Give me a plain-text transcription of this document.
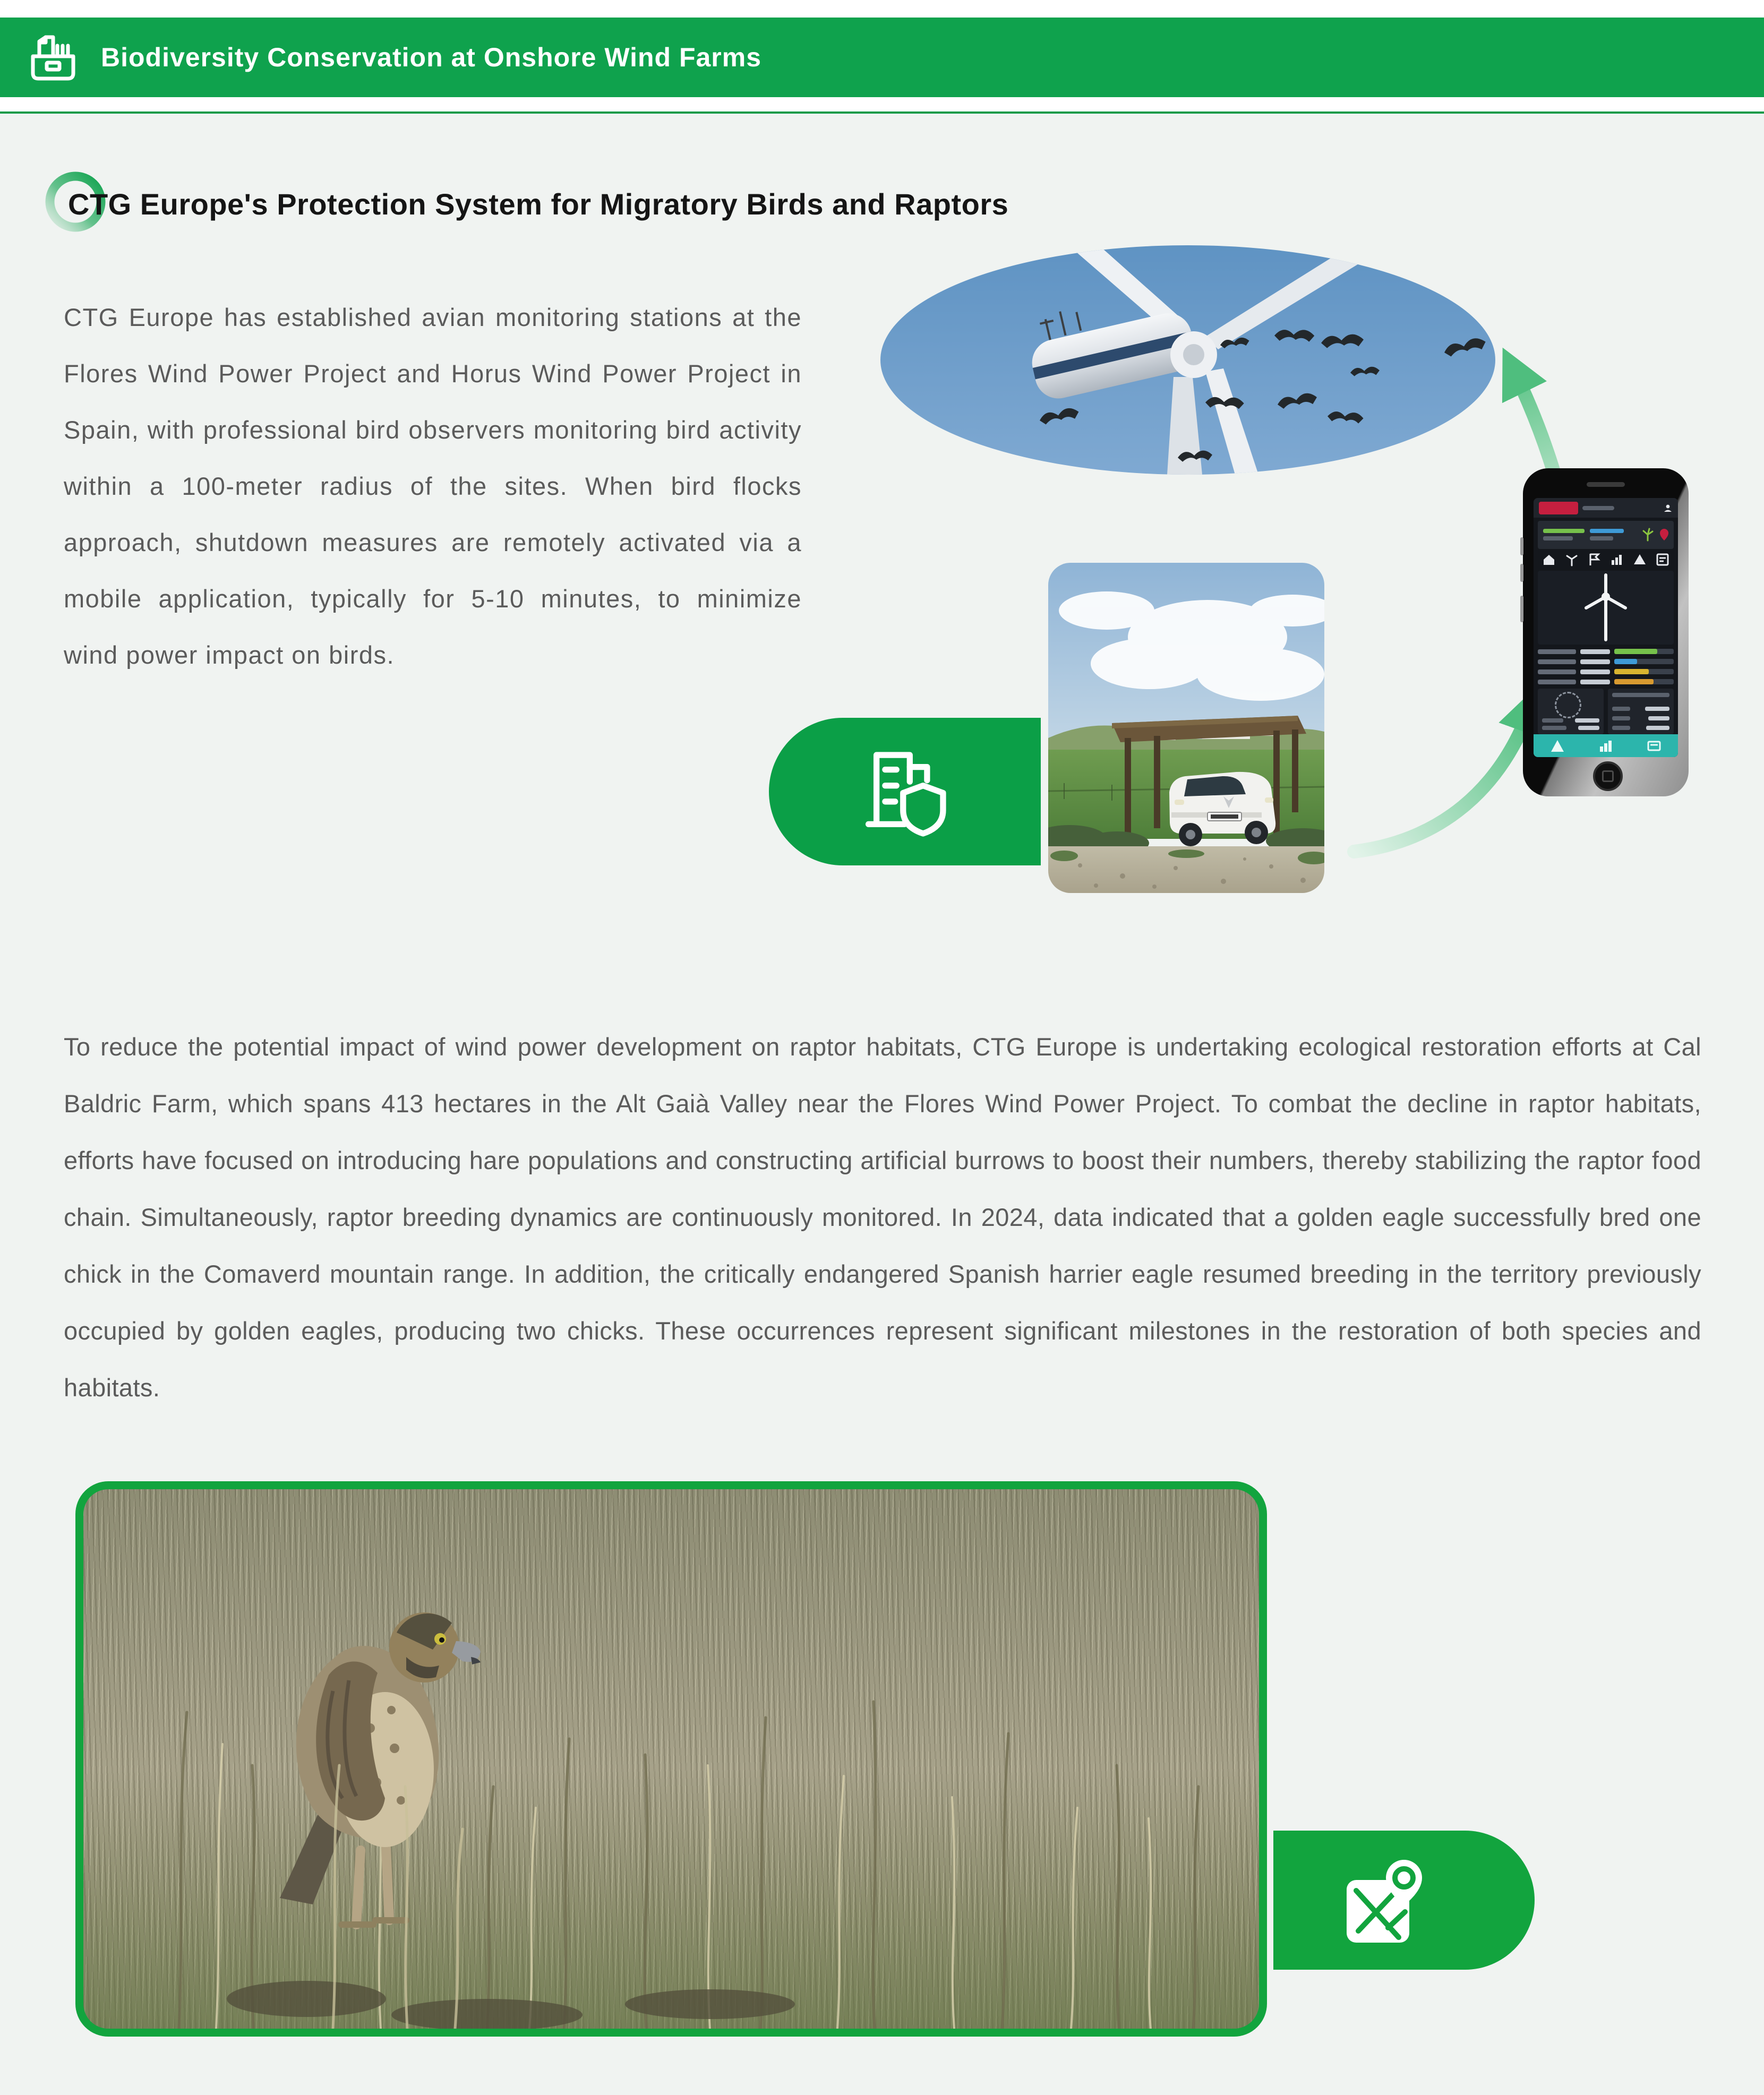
Biodiversity Conservation at Onshore Wind Farms
CTG Europe's Protection System for Migratory Birds and Raptors
CTG Europe has established avian monitoring stations at the Flores Wind Power Project and Horus Wind Power Project in Spain, with professional bird observers monitoring bird activity within a 100-meter radius of the sites. When bird flocks approach, shutdown measures are remotely activated via a mobile application, typically for 5-10 minutes, to minimize wind power impact on birds.
To reduce the potential impact of wind power development on raptor habitats, CTG Europe is undertaking ecological restoration efforts at Cal Baldric Farm, which spans 413 hectares in the Alt Gaià Valley near the Flores Wind Power Project. To combat the decline in raptor habitats, efforts have focused on introducing hare populations and constructing artificial burrows to boost their numbers, thereby stabilizing the raptor food chain. Simultaneously, raptor breeding dynamics are continuously monitored. In 2024, data indicated that a golden eagle successfully bred one chick in the Comaverd mountain range. In addition, the critically endangered Spanish harrier eagle resumed breeding in the territory previously occupied by golden eagles, producing two chicks. These occurrences represent significant milestones in the restoration of both species and habitats.
